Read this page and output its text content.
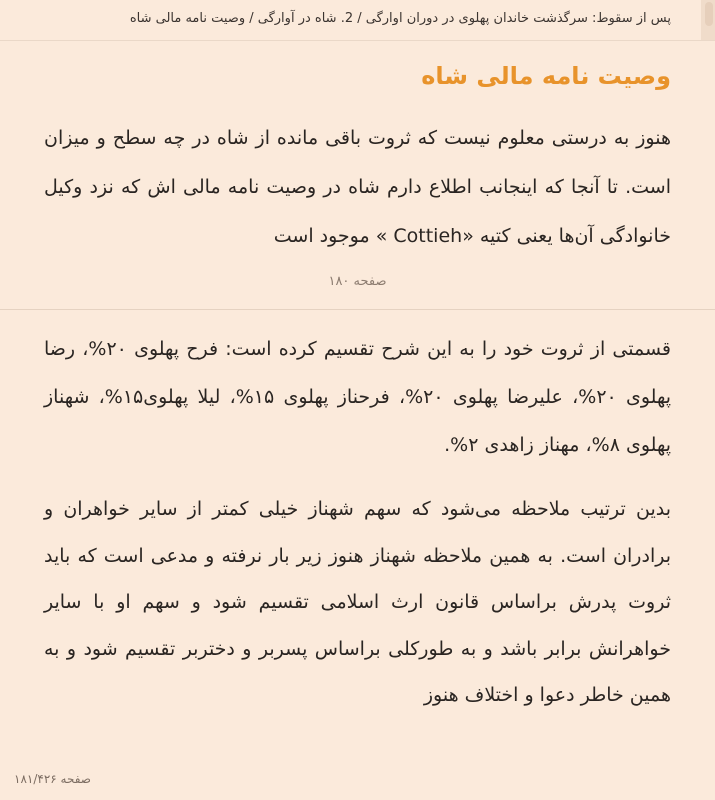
پس از سقوط: سرگذشت خاندان پهلوی در دوران اوارگی / 2. شاه در آوارگی / وصیت نامه مالی شاه
وصیت نامه مالی شاه
هنوز به درستی معلوم نیست که ثروت باقی مانده از شاه در چه سطح و میزان است. تا آنجا که اینجانب اطلاع دارم شاه در وصیت نامه مالی اش که نزد وکیل خانوادگی آن‌ها یعنی کتیه «Cottieh » موجود است
صفحه ۱۸۰
قسمتی از ثروت خود را به این شرح تقسیم کرده است: فرح پهلوی ۲۰%، رضا پهلوی ۲۰%، علیرضا پهلوی ۲۰%، فرحناز پهلوی ۱۵%، لیلا پهلوی۱۵%، شهناز پهلوی ۸%، مهناز زاهدی ۲%.
بدین ترتیب ملاحظه می‌شود که سهم شهناز خیلی کمتر از سایر خواهران و برادران است. به همین ملاحظه شهناز هنوز زیر بار نرفته و مدعی است که باید ثروت پدرش براساس قانون ارث اسلامی تقسیم شود و سهم او با سایر خواهرانش برابر باشد و به طورکلی براساس پسربر و دختربر تقسیم شود و به همین خاطر دعوا و اختلاف هنوز
صفحه ۱۸۱/۴۲۶
